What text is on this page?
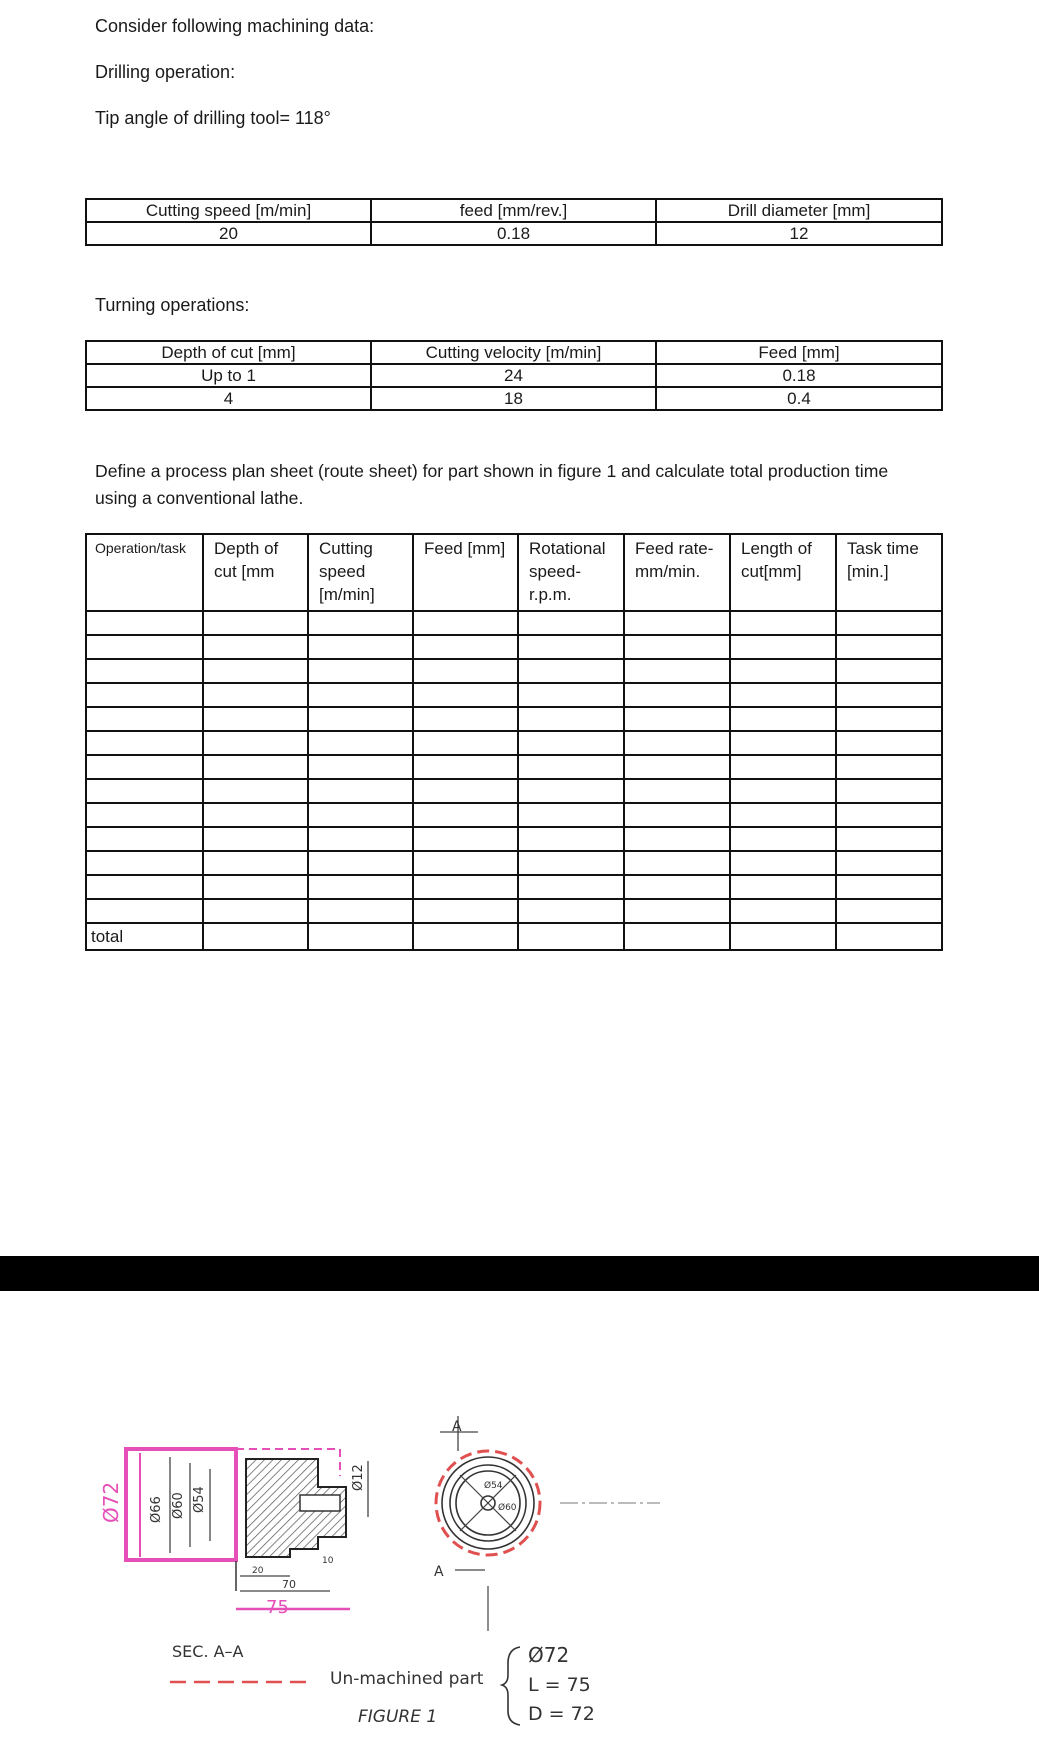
Consider following machining data:
Drilling operation:
Tip angle of drilling tool= 118°
Cutting speed [m/min]	feed [mm/rev.]	Drill diameter [mm]
20	0.18	12
Turning operations:
Depth of cut [mm]	Cutting velocity [m/min]	Feed [mm]
Up to 1	24	0.18
4	18	0.4
Define a process plan sheet (route sheet) for part shown in figure 1 and calculate total production time
using a conventional lathe.
Operation/task	Depth of cut [mm	Cutting speed [m/min]	Feed [mm]	Rotational speed- r.p.m.	Feed rate- mm/min.	Length of cut[mm]	Task time [min.]

total							
Ø72 Ø66 Ø60 Ø54
Ø12
20
70
75
10
SEC. A–A
A
A
Ø54
Ø60
Un-machined part
FIGURE 1
Ø72
L = 75
D = 72
